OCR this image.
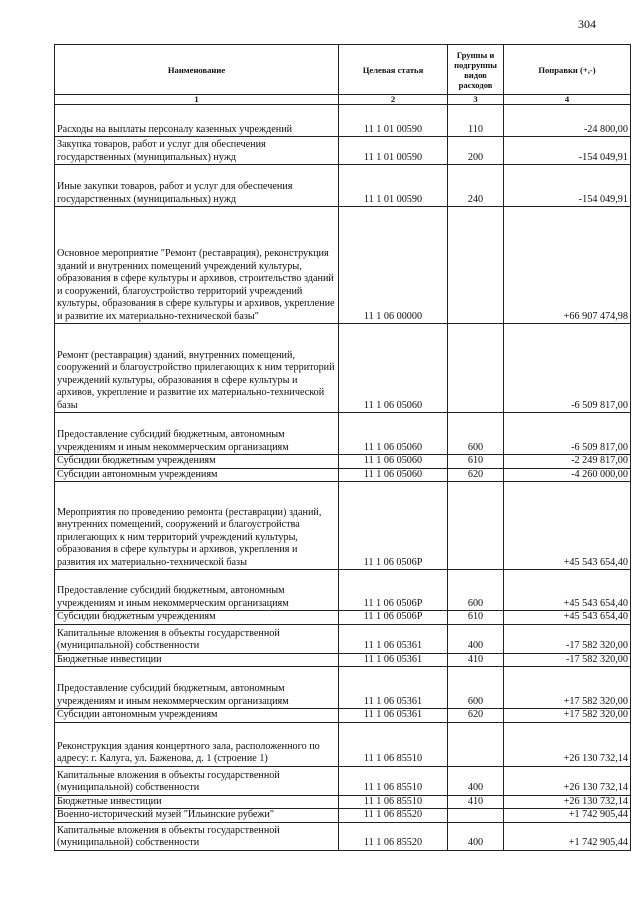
304
Наименование	Целевая статья	Группы и подгруппы видов расходов	Поправки (+,-)
1	2	3	4
Расходы на выплаты персоналу казенных учреждений	11 1 01 00590	110	-24 800,00
Закупка товаров, работ и услуг для обеспечения государственных (муниципальных) нужд	11 1 01 00590	200	-154 049,91
Иные закупки товаров, работ и услуг для обеспечения государственных (муниципальных) нужд	11 1 01 00590	240	-154 049,91
Основное мероприятие "Ремонт (реставрация), реконструкция зданий и внутренних помещений учреждений культуры, образования в сфере культуры и архивов, строительство зданий и сооружений, благоустройство территорий учреждений культуры, образования в сфере культуры и архивов, укрепление и развитие их материально-технической базы"	11 1 06 00000		+66 907 474,98
Ремонт (реставрация) зданий, внутренних помещений, сооружений и благоустройство прилегающих к ним территорий учреждений культуры, образования в сфере культуры и архивов, укрепление и развитие их материально-технической базы	11 1 06 05060		-6 509 817,00
Предоставление субсидий бюджетным, автономным учреждениям и иным некоммерческим организациям	11 1 06 05060	600	-6 509 817,00
Субсидии бюджетным учреждениям	11 1 06 05060	610	-2 249 817,00
Субсидии автономным учреждениям	11 1 06 05060	620	-4 260 000,00
Мероприятия по проведению ремонта (реставрации) зданий, внутренних помещений, сооружений и благоустройства прилегающих к ним территорий учреждений культуры, образования в сфере культуры и архивов, укрепления и развития их материально-технической базы	11 1 06 0506Р		+45 543 654,40
Предоставление субсидий бюджетным, автономным учреждениям и иным некоммерческим организациям	11 1 06 0506Р	600	+45 543 654,40
Субсидии бюджетным учреждениям	11 1 06 0506Р	610	+45 543 654,40
Капитальные вложения в объекты государственной (муниципальной) собственности	11 1 06 05361	400	-17 582 320,00
Бюджетные инвестиции	11 1 06 05361	410	-17 582 320,00
Предоставление субсидий бюджетным, автономным учреждениям и иным некоммерческим организациям	11 1 06 05361	600	+17 582 320,00
Субсидии автономным учреждениям	11 1 06 05361	620	+17 582 320,00
Реконструкция здания концертного зала, расположенного по адресу: г. Калуга, ул. Баженова, д. 1 (строение 1)	11 1 06 85510		+26 130 732,14
Капитальные вложения в объекты государственной (муниципальной) собственности	11 1 06 85510	400	+26 130 732,14
Бюджетные инвестиции	11 1 06 85510	410	+26 130 732,14
Военно-исторический музей "Ильинские рубежи"	11 1 06 85520		+1 742 905,44
Капитальные вложения в объекты государственной (муниципальной) собственности	11 1 06 85520	400	+1 742 905,44
